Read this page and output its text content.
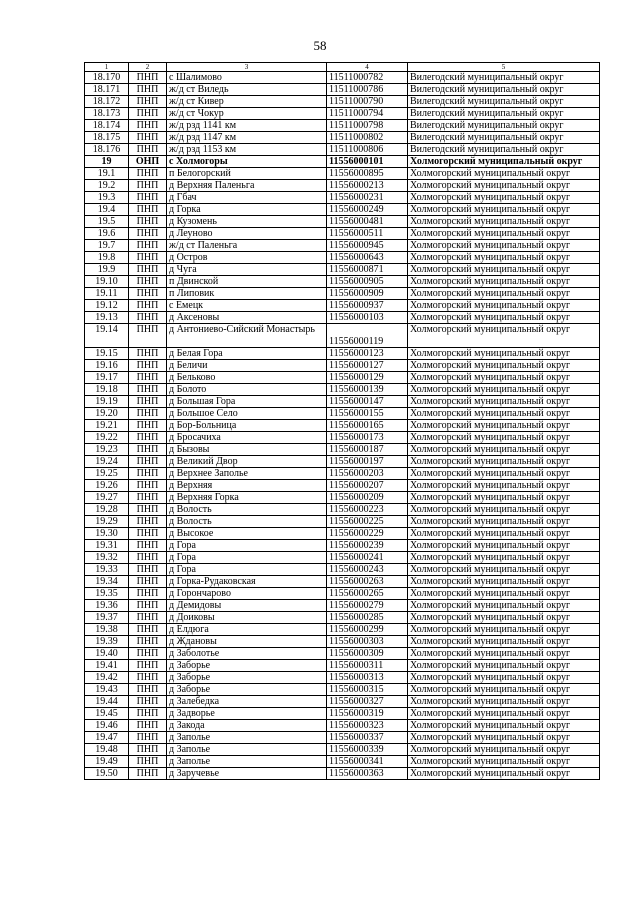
58
1	2	3	4	5
18.170	ПНП	с Шалимово	11511000782	Вилегодский муниципальный округ
18.171	ПНП	ж/д ст Виледь	11511000786	Вилегодский муниципальный округ
18.172	ПНП	ж/д ст Кивер	11511000790	Вилегодский муниципальный округ
18.173	ПНП	ж/д ст Чокур	11511000794	Вилегодский муниципальный округ
18.174	ПНП	ж/д рзд 1141 км	11511000798	Вилегодский муниципальный округ
18.175	ПНП	ж/д рзд 1147 км	11511000802	Вилегодский муниципальный округ
18.176	ПНП	ж/д рзд 1153 км	11511000806	Вилегодский муниципальный округ
19	ОНП	с Холмогоры	11556000101	Холмогорский муниципальный округ
19.1	ПНП	п Белогорский	11556000895	Холмогорский муниципальный округ
19.2	ПНП	д Верхняя Паленьга	11556000213	Холмогорский муниципальный округ
19.3	ПНП	д Гбач	11556000231	Холмогорский муниципальный округ
19.4	ПНП	д Горка	11556000249	Холмогорский муниципальный округ
19.5	ПНП	д Кузомень	11556000481	Холмогорский муниципальный округ
19.6	ПНП	д Леуново	11556000511	Холмогорский муниципальный округ
19.7	ПНП	ж/д ст Паленьга	11556000945	Холмогорский муниципальный округ
19.8	ПНП	д Остров	11556000643	Холмогорский муниципальный округ
19.9	ПНП	д Чуга	11556000871	Холмогорский муниципальный округ
19.10	ПНП	п Двинской	11556000905	Холмогорский муниципальный округ
19.11	ПНП	п Липовик	11556000909	Холмогорский муниципальный округ
19.12	ПНП	с Емецк	11556000937	Холмогорский муниципальный округ
19.13	ПНП	д Аксеновы	11556000103	Холмогорский муниципальный округ
19.14	ПНП	д Антониево-Сийский Монастырь	11556000119	Холмогорский муниципальный округ
19.15	ПНП	д Белая Гора	11556000123	Холмогорский муниципальный округ
19.16	ПНП	д Беличи	11556000127	Холмогорский муниципальный округ
19.17	ПНП	д Бельково	11556000129	Холмогорский муниципальный округ
19.18	ПНП	д Болото	11556000139	Холмогорский муниципальный округ
19.19	ПНП	д Большая Гора	11556000147	Холмогорский муниципальный округ
19.20	ПНП	д Большое Село	11556000155	Холмогорский муниципальный округ
19.21	ПНП	д Бор-Больница	11556000165	Холмогорский муниципальный округ
19.22	ПНП	д Бросачиха	11556000173	Холмогорский муниципальный округ
19.23	ПНП	д Бызовы	11556000187	Холмогорский муниципальный округ
19.24	ПНП	д Великий Двор	11556000197	Холмогорский муниципальный округ
19.25	ПНП	д Верхнее Заполье	11556000203	Холмогорский муниципальный округ
19.26	ПНП	д Верхняя	11556000207	Холмогорский муниципальный округ
19.27	ПНП	д Верхняя Горка	11556000209	Холмогорский муниципальный округ
19.28	ПНП	д Волость	11556000223	Холмогорский муниципальный округ
19.29	ПНП	д Волость	11556000225	Холмогорский муниципальный округ
19.30	ПНП	д Высокое	11556000229	Холмогорский муниципальный округ
19.31	ПНП	д Гора	11556000239	Холмогорский муниципальный округ
19.32	ПНП	д Гора	11556000241	Холмогорский муниципальный округ
19.33	ПНП	д Гора	11556000243	Холмогорский муниципальный округ
19.34	ПНП	д Горка-Рудаковская	11556000263	Холмогорский муниципальный округ
19.35	ПНП	д Горончарово	11556000265	Холмогорский муниципальный округ
19.36	ПНП	д Демидовы	11556000279	Холмогорский муниципальный округ
19.37	ПНП	д Доиковы	11556000285	Холмогорский муниципальный округ
19.38	ПНП	д Елдюга	11556000299	Холмогорский муниципальный округ
19.39	ПНП	д Ждановы	11556000303	Холмогорский муниципальный округ
19.40	ПНП	д Заболотье	11556000309	Холмогорский муниципальный округ
19.41	ПНП	д Заборье	11556000311	Холмогорский муниципальный округ
19.42	ПНП	д Заборье	11556000313	Холмогорский муниципальный округ
19.43	ПНП	д Заборье	11556000315	Холмогорский муниципальный округ
19.44	ПНП	д Залебедка	11556000327	Холмогорский муниципальный округ
19.45	ПНП	д Задворье	11556000319	Холмогорский муниципальный округ
19.46	ПНП	д Закода	11556000323	Холмогорский муниципальный округ
19.47	ПНП	д Заполье	11556000337	Холмогорский муниципальный округ
19.48	ПНП	д Заполье	11556000339	Холмогорский муниципальный округ
19.49	ПНП	д Заполье	11556000341	Холмогорский муниципальный округ
19.50	ПНП	д Заручевье	11556000363	Холмогорский муниципальный округ
